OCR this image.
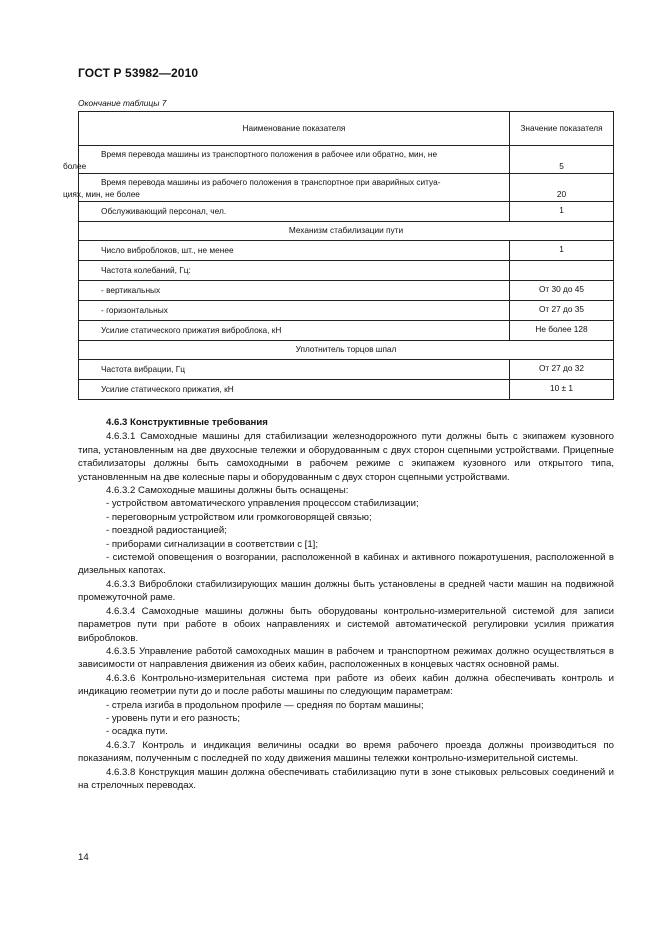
ГОСТ Р 53982—2010
Окончание таблицы 7
Наименование показателя	Значение показателя
Время перевода машины из транспортного положения в рабочее или обратно, мин, не
более	5
Время перевода машины из рабочего положения в транспортное при аварийных ситуа-
циях, мин, не более	20
Обслуживающий персонал, чел.	1
Механизм стабилизации пути	
Число виброблоков, шт., не менее	1
Частота колебаний, Гц:	
- вертикальных	От 30 до 45
- горизонтальных	От 27 до 35
Усилие статического прижатия виброблока, кН	Не более 128
Уплотнитель торцов шпал	
Частота вибрации, Гц	От 27 до 32
Усилие статического прижатия, кН	10 ± 1

4.6.3 Конструктивные требования

4.6.3.1 Самоходные машины для стабилизации железнодорожного пути должны быть с экипажем кузовного типа, установленным на две двухосные тележки и оборудованным с двух сторон сцепными устройствами. Прицепные стабилизаторы должны быть самоходными в рабочем режиме с экипажем кузовного или открытого типа, установленным на две колесные пары и оборудованным с двух сторон сцепными устройствами.

4.6.3.2 Самоходные машины должны быть оснащены:

- устройством автоматического управления процессом стабилизации;

- переговорным устройством или громкоговорящей связью;

- поездной радиостанцией;

- приборами сигнализации в соответствии с [1];

- системой оповещения о возгорании, расположенной в кабинах и активного пожаротушения, расположенной в дизельных капотах.

4.6.3.3 Виброблоки стабилизирующих машин должны быть установлены в средней части машин на подвижной промежуточной раме.

4.6.3.4 Самоходные машины должны быть оборудованы контрольно-измерительной системой для записи параметров пути при работе в обоих направлениях и системой автоматической регулировки усилия прижатия виброблоков.

4.6.3.5 Управление работой самоходных машин в рабочем и транспортном режимах должно осуществляться в зависимости от направления движения из обеих кабин, расположенных в концевых частях основной рамы.

4.6.3.6 Контрольно-измерительная система при работе из обеих кабин должна обеспечивать контроль и индикацию геометрии пути до и после работы машины по следующим параметрам:

- стрела изгиба в продольном профиле — средняя по бортам машины;

- уровень пути и его разность;

- осадка пути.

4.6.3.7 Контроль и индикация величины осадки во время рабочего проезда должны производиться по показаниям, полученным с последней по ходу движения машины тележки контрольно-измерительной системы.

4.6.3.8 Конструкция машин должна обеспечивать стабилизацию пути в зоне стыковых рельсовых соединений и на стрелочных переводах.

14
